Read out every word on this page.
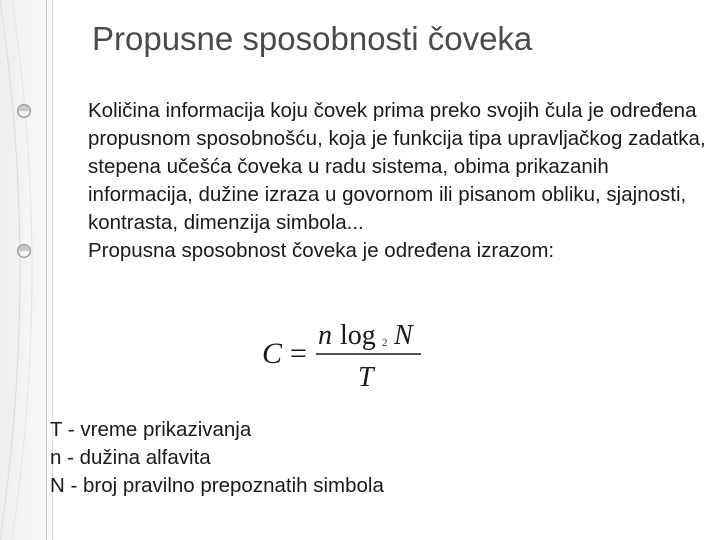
Propusne sposobnosti čoveka
Količina informacija koju čovek prima preko svojih čula je određena propusnom sposobnošću, koja je funkcija tipa upravljačkog zadatka, stepena učešća čoveka u radu sistema, obima prikazanih informacija, dužine izraza u govornom ili pisanom obliku, sjajnosti, kontrasta, dimenzija simbola...
Propusna sposobnost čoveka je određena izrazom:
C =
n log 2 N
T
T - vreme prikazivanja
n - dužina alfavita
N - broj pravilno prepoznatih simbola
